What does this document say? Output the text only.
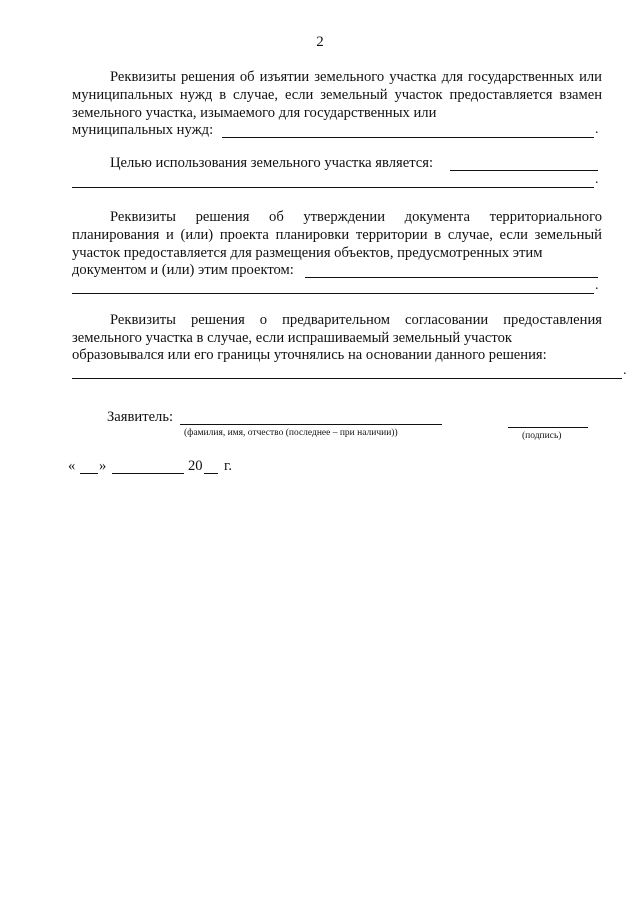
2
Реквизиты решения об изъятии земельного участка для государственных или муниципальных нужд в случае, если земельный участок предоставляется взамен земельного участка, изымаемого для государственных или
муниципальных нужд:	.
Целью использования земельного участка является:
.
Реквизиты решения об утверждении документа территориального планирования и (или) проекта планировки территории в случае, если земельный участок предоставляется для размещения объектов, предусмотренных этим
документом и (или) этим проектом:
.
Реквизиты решения о предварительном согласовании предоставления земельного участка в случае, если испрашиваемый земельный участок
образовывался или его границы уточнялись на основании данного решения:
.
Заявитель:
(фамилия, имя, отчество (последнее – при наличии))	(подпись)
« »	20 г.
